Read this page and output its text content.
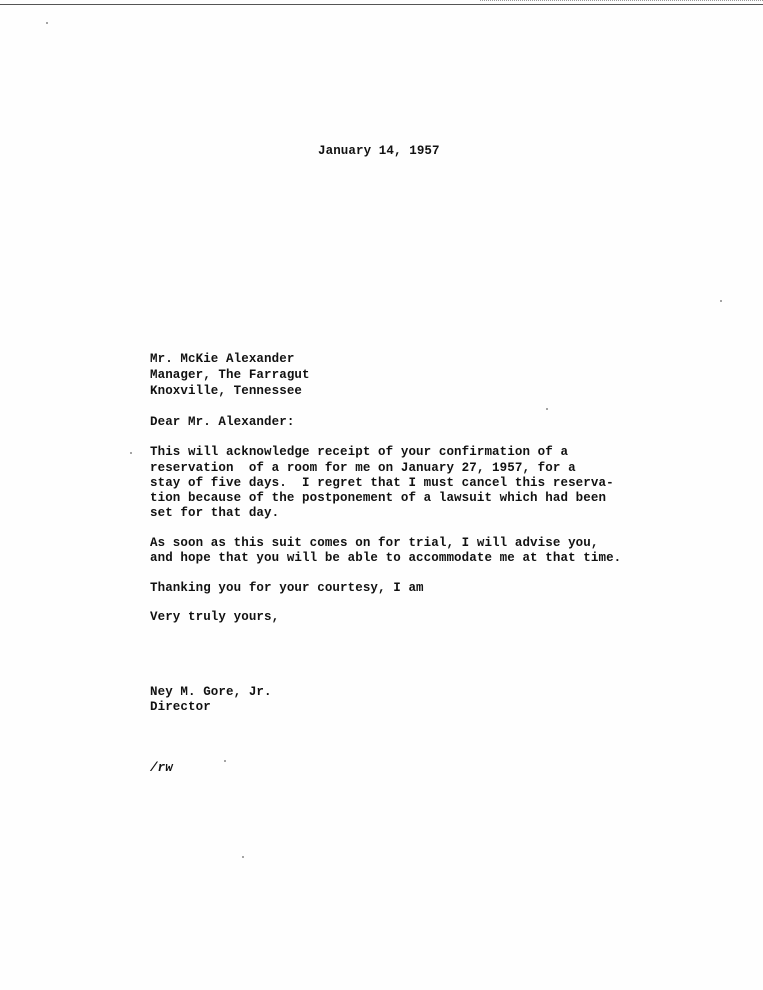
January 14, 1957
Mr. McKie Alexander
Manager, The Farragut
Knoxville, Tennessee
Dear Mr. Alexander:
This will acknowledge receipt of your confirmation of a
reservation  of a room for me on January 27, 1957, for a
stay of five days.  I regret that I must cancel this reserva-
tion because of the postponement of a lawsuit which had been
set for that day.
As soon as this suit comes on for trial, I will advise you,
and hope that you will be able to accommodate me at that time.
Thanking you for your courtesy, I am
Very truly yours,
Ney M. Gore, Jr.
Director
/rw
